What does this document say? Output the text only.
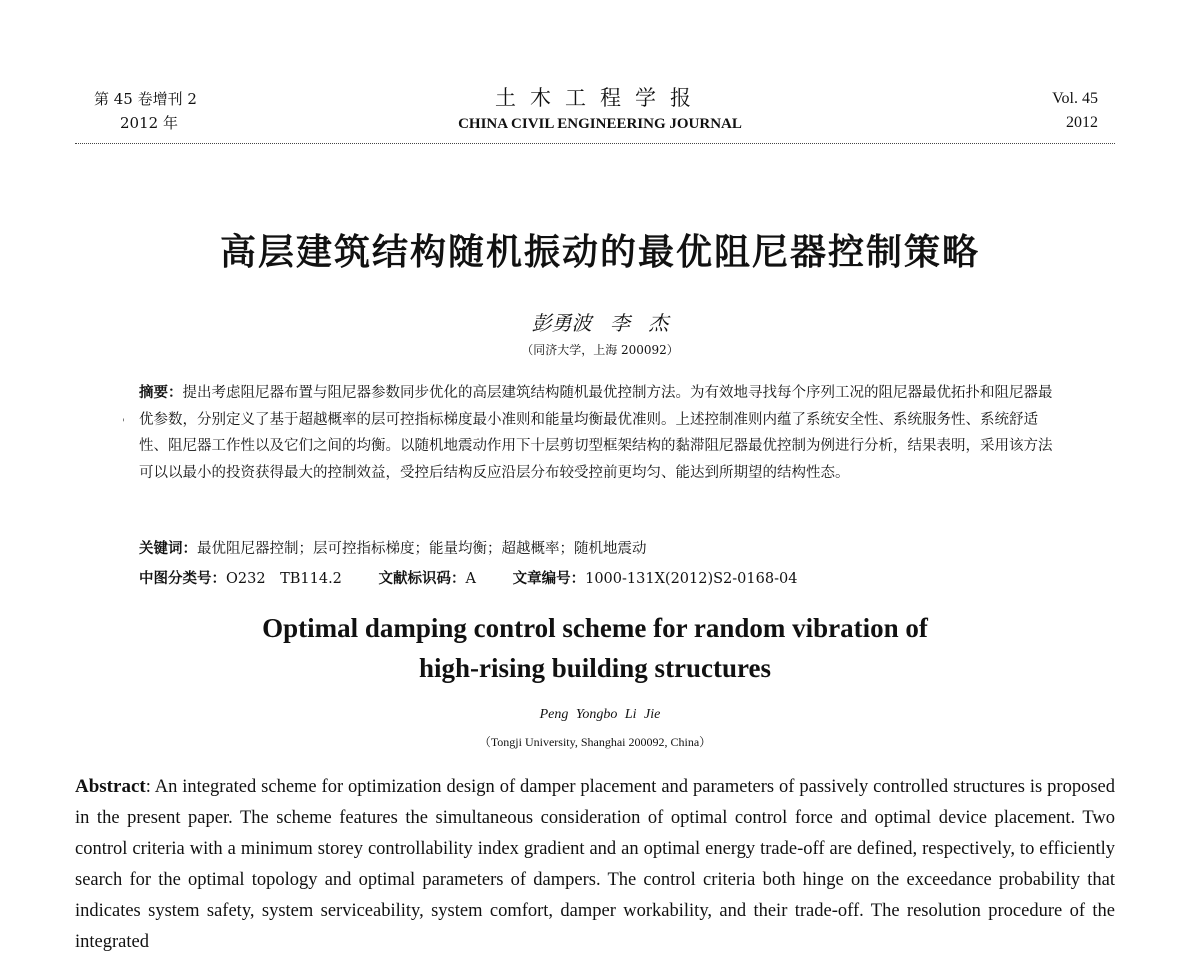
第 45 卷增刊 2
2012 年
土木工程学报
CHINA CIVIL ENGINEERING JOURNAL
Vol. 45
2012
高层建筑结构随机振动的最优阻尼器控制策略
彭勇波 李 杰
（同济大学，上海 200092）
'
摘要：提出考虑阻尼器布置与阻尼器参数同步优化的高层建筑结构随机最优控制方法。为有效地寻找每个序列工况的阻尼器最优拓扑和阻尼器最优参数，分别定义了基于超越概率的层可控指标梯度最小准则和能量均衡最优准则。上述控制准则内蕴了系统安全性、系统服务性、系统舒适性、阻尼器工作性以及它们之间的均衡。以随机地震动作用下十层剪切型框架结构的黏滞阻尼器最优控制为例进行分析，结果表明，采用该方法可以以最小的投资获得最大的控制效益，受控后结构反应沿层分布较受控前更均匀、能达到所期望的结构性态。
关键词：最优阻尼器控制；层可控指标梯度；能量均衡；超越概率；随机地震动
中图分类号：O232　TB114.2	文献标识码：A	文章编号：1000-131X(2012)S2-0168-04
Optimal damping control scheme for random vibration of
high-rising building structures
Peng Yongbo Li Jie
（Tongji University, Shanghai 200092, China）
Abstract: An integrated scheme for optimization design of damper placement and parameters of passively controlled structures is proposed in the present paper. The scheme features the simultaneous consideration of optimal control force and optimal device placement. Two control criteria with a minimum storey controllability index gradient and an optimal energy trade-off are defined, respectively, to efficiently search for the optimal topology and optimal parameters of dampers. The control criteria both hinge on the exceedance probability that indicates system safety, system serviceability, system comfort, damper workability, and their trade-off. The resolution procedure of the integrated
